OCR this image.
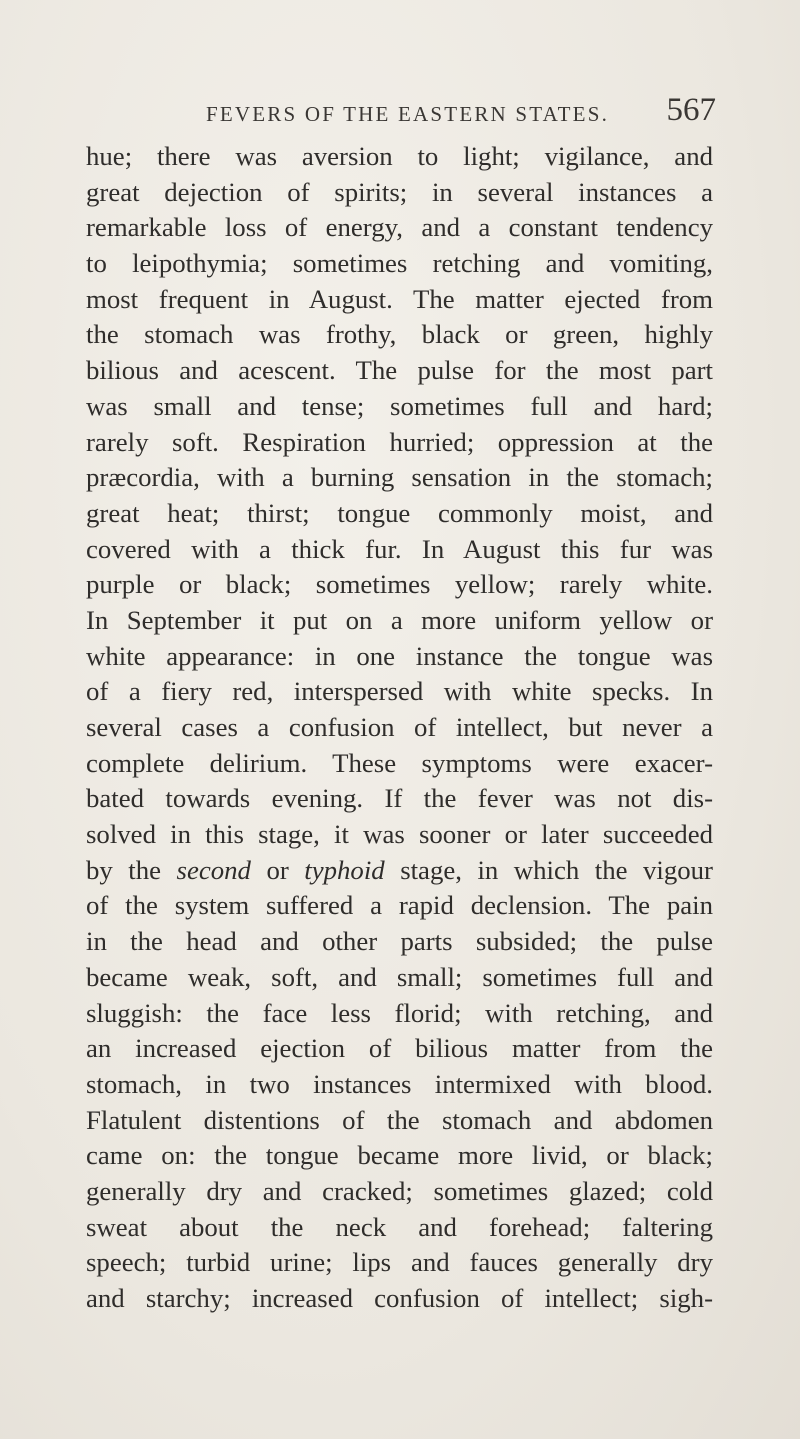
FEVERS OF THE EASTERN STATES. 567
hue; there was aversion to light; vigilance, and
great dejection of spirits; in several instances a
remarkable loss of energy, and a constant tendency
to leipothymia; sometimes retching and vomiting,
most frequent in August. The matter ejected from
the stomach was frothy, black or green, highly
bilious and acescent. The pulse for the most part
was small and tense; sometimes full and hard;
rarely soft. Respiration hurried; oppression at the
præcordia, with a burning sensation in the stomach;
great heat; thirst; tongue commonly moist, and
covered with a thick fur. In August this fur was
purple or black; sometimes yellow; rarely white.
In September it put on a more uniform yellow or
white appearance: in one instance the tongue was
of a fiery red, interspersed with white specks. In
several cases a confusion of intellect, but never a
complete delirium. These symptoms were exacer-
bated towards evening. If the fever was not dis-
solved in this stage, it was sooner or later succeeded
by the second or typhoid stage, in which the vigour
of the system suffered a rapid declension. The pain
in the head and other parts subsided; the pulse
became weak, soft, and small; sometimes full and
sluggish: the face less florid; with retching, and
an increased ejection of bilious matter from the
stomach, in two instances intermixed with blood.
Flatulent distentions of the stomach and abdomen
came on: the tongue became more livid, or black;
generally dry and cracked; sometimes glazed; cold
sweat about the neck and forehead; faltering
speech; turbid urine; lips and fauces generally dry
and starchy; increased confusion of intellect; sigh-
